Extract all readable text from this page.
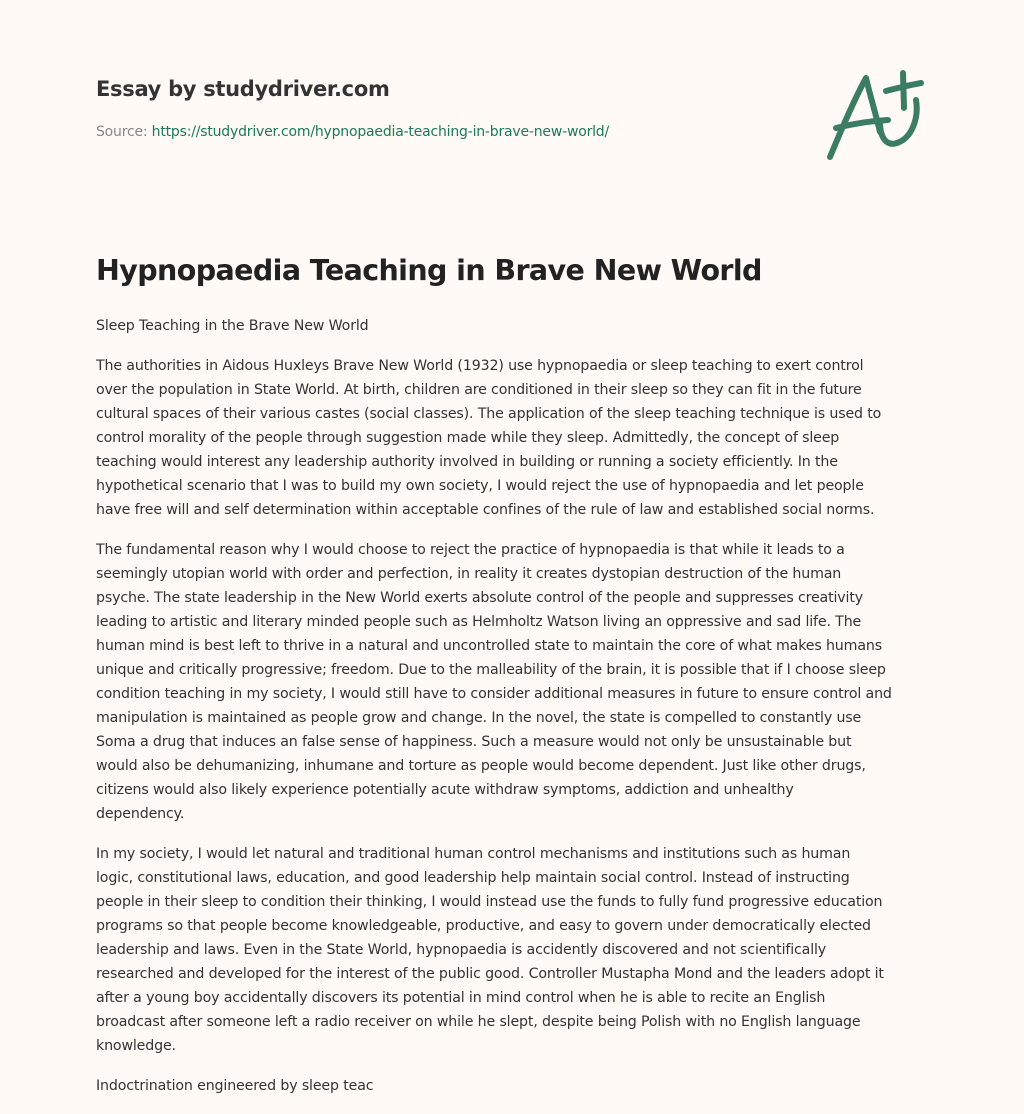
Essay by studydriver.com
Source: https://studydriver.com/hypnopaedia-teaching-in-brave-new-world/
Hypnopaedia Teaching in Brave New World

Sleep Teaching in the Brave New World

The authorities in Aidous Huxleys Brave New World (1932) use hypnopaedia or sleep teaching to exert control
over the population in State World. At birth, children are conditioned in their sleep so they can fit in the future
cultural spaces of their various castes (social classes). The application of the sleep teaching technique is used to
control morality of the people through suggestion made while they sleep. Admittedly, the concept of sleep
teaching would interest any leadership authority involved in building or running a society efficiently. In the
hypothetical scenario that I was to build my own society, I would reject the use of hypnopaedia and let people
have free will and self determination within acceptable confines of the rule of law and established social norms.

The fundamental reason why I would choose to reject the practice of hypnopaedia is that while it leads to a
seemingly utopian world with order and perfection, in reality it creates dystopian destruction of the human
psyche. The state leadership in the New World exerts absolute control of the people and suppresses creativity
leading to artistic and literary minded people such as Helmholtz Watson living an oppressive and sad life. The
human mind is best left to thrive in a natural and uncontrolled state to maintain the core of what makes humans
unique and critically progressive; freedom. Due to the malleability of the brain, it is possible that if I choose sleep
condition teaching in my society, I would still have to consider additional measures in future to ensure control and
manipulation is maintained as people grow and change. In the novel, the state is compelled to constantly use
Soma a drug that induces an false sense of happiness. Such a measure would not only be unsustainable but
would also be dehumanizing, inhumane and torture as people would become dependent. Just like other drugs,
citizens would also likely experience potentially acute withdraw symptoms, addiction and unhealthy
dependency.

In my society, I would let natural and traditional human control mechanisms and institutions such as human
logic, constitutional laws, education, and good leadership help maintain social control. Instead of instructing
people in their sleep to condition their thinking, I would instead use the funds to fully fund progressive education
programs so that people become knowledgeable, productive, and easy to govern under democratically elected
leadership and laws. Even in the State World, hypnopaedia is accidently discovered and not scientifically
researched and developed for the interest of the public good. Controller Mustapha Mond and the leaders adopt it
after a young boy accidentally discovers its potential in mind control when he is able to recite an English
broadcast after someone left a radio receiver on while he slept, despite being Polish with no English language
knowledge.

Indoctrination engineered by sleep teac
